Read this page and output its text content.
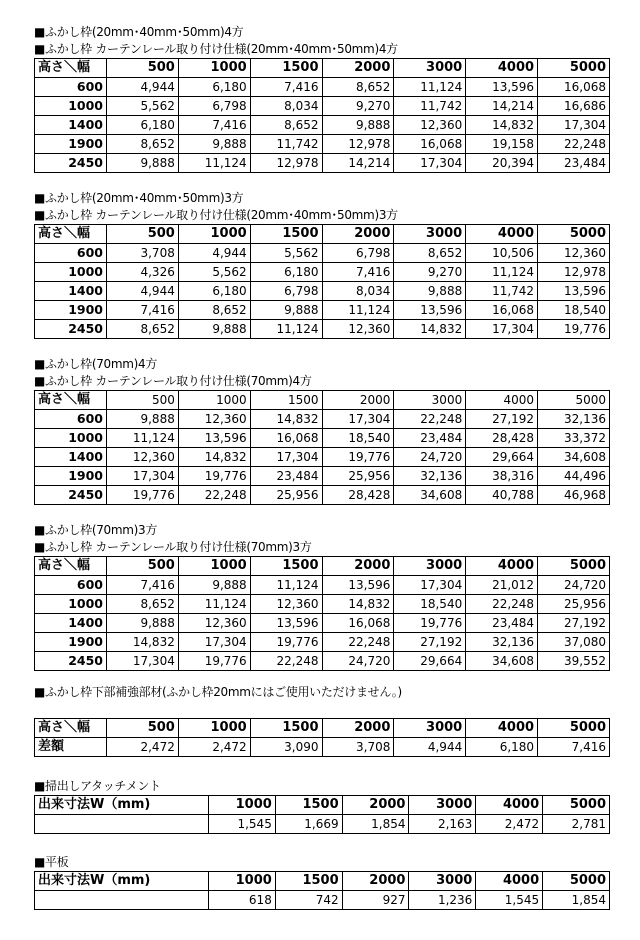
■ふかし枠(20mm･40mm･50mm)4方
■ふかし枠 カーテンレール取り付け仕様(20mm･40mm･50mm)4方
高さ＼幅	500	1000	1500	2000	3000	4000	5000
600	4,944	6,180	7,416	8,652	11,124	13,596	16,068
1000	5,562	6,798	8,034	9,270	11,742	14,214	16,686
1400	6,180	7,416	8,652	9,888	12,360	14,832	17,304
1900	8,652	9,888	11,742	12,978	16,068	19,158	22,248
2450	9,888	11,124	12,978	14,214	17,304	20,394	23,484
■ふかし枠(20mm･40mm･50mm)3方
■ふかし枠 カーテンレール取り付け仕様(20mm･40mm･50mm)3方
高さ＼幅	500	1000	1500	2000	3000	4000	5000
600	3,708	4,944	5,562	6,798	8,652	10,506	12,360
1000	4,326	5,562	6,180	7,416	9,270	11,124	12,978
1400	4,944	6,180	6,798	8,034	9,888	11,742	13,596
1900	7,416	8,652	9,888	11,124	13,596	16,068	18,540
2450	8,652	9,888	11,124	12,360	14,832	17,304	19,776
■ふかし枠(70mm)4方
■ふかし枠 カーテンレール取り付け仕様(70mm)4方
高さ＼幅	500	1000	1500	2000	3000	4000	5000
600	9,888	12,360	14,832	17,304	22,248	27,192	32,136
1000	11,124	13,596	16,068	18,540	23,484	28,428	33,372
1400	12,360	14,832	17,304	19,776	24,720	29,664	34,608
1900	17,304	19,776	23,484	25,956	32,136	38,316	44,496
2450	19,776	22,248	25,956	28,428	34,608	40,788	46,968
■ふかし枠(70mm)3方
■ふかし枠 カーテンレール取り付け仕様(70mm)3方
高さ＼幅	500	1000	1500	2000	3000	4000	5000
600	7,416	9,888	11,124	13,596	17,304	21,012	24,720
1000	8,652	11,124	12,360	14,832	18,540	22,248	25,956
1400	9,888	12,360	13,596	16,068	19,776	23,484	27,192
1900	14,832	17,304	19,776	22,248	27,192	32,136	37,080
2450	17,304	19,776	22,248	24,720	29,664	34,608	39,552
■ふかし枠下部補強部材(ふかし枠20mmにはご使用いただけません。)
高さ＼幅	500	1000	1500	2000	3000	4000	5000
差額	2,472	2,472	3,090	3,708	4,944	6,180	7,416
■掃出しアタッチメント
出来寸法W（mm)	1000	1500	2000	3000	4000	5000
	1,545	1,669	1,854	2,163	2,472	2,781
■平板
出来寸法W（mm)	1000	1500	2000	3000	4000	5000
	618	742	927	1,236	1,545	1,854
